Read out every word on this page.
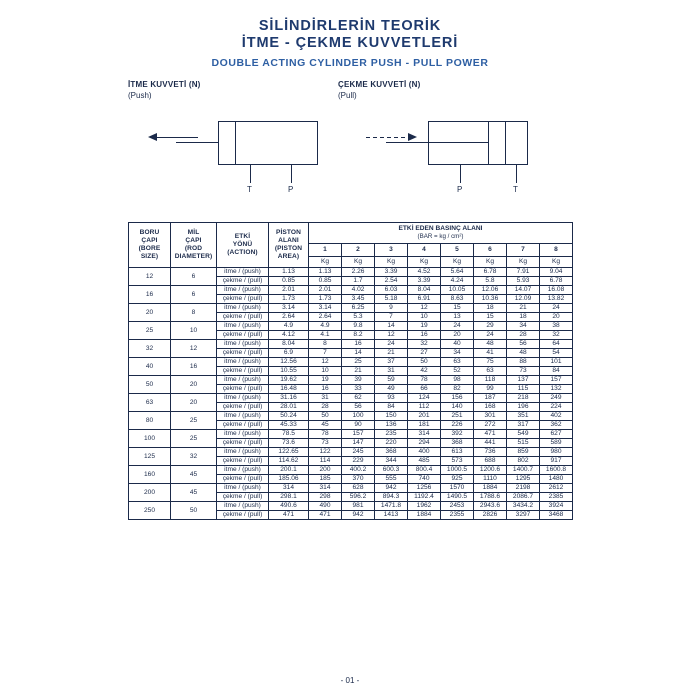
SİLİNDİRLERİN TEORİK
İTME - ÇEKME KUVVETLERİ
DOUBLE ACTING CYLINDER PUSH - PULL POWER
İTME KUVVETİ (N)
(Push)
T	P
ÇEKME KUVVETİ (N)
(Pull)
P	T
BORU
ÇAPI
(BORE
SIZE)

MİL
ÇAPI
(ROD
DIAMETER)

ETKİ
YÖNÜ
(ACTION)

PİSTON
ALANI
(PISTON
AREA)

ETKİ EDEN BASINÇ ALANI
(BAR = kg / cm²)

				1	2	3	4	5	6	7	8
				Kg	Kg	Kg	Kg	Kg	Kg	Kg	Kg
12	6	itme / (push)	1.13	1.13	2.26	3.39	4.52	5.64	6.78	7.91	9.04
		çekme / (pull)	0.85	0.85	1.7	2.54	3.39	4.24	5.8	5.93	6.78
16	6	itme / (push)	2.01	2.01	4.02	6.03	8.04	10.05	12.06	14.07	16.08
		çekme / (pull)	1.73	1.73	3.45	5.18	6.91	8.63	10.36	12.09	13.82
20	8	itme / (push)	3.14	3.14	6.25	9	12	15	18	21	24
		çekme / (pull)	2.64	2.64	5.3	7	10	13	15	18	20
25	10	itme / (push)	4.9	4.9	9.8	14	19	24	29	34	38
		çekme / (pull)	4.12	4.1	8.2	12	16	20	24	28	32
32	12	itme / (push)	8.04	8	16	24	32	40	48	56	64
		çekme / (pull)	6.9	7	14	21	27	34	41	48	54
40	16	itme / (push)	12.56	12	25	37	50	63	75	88	101
		çekme / (pull)	10.55	10	21	31	42	52	63	73	84
50	20	itme / (push)	19.62	19	39	59	78	98	118	137	157
		çekme / (pull)	16.48	16	33	49	66	82	99	115	132
63	20	itme / (push)	31.16	31	62	93	124	156	187	218	249
		çekme / (pull)	28.01	28	56	84	112	140	168	196	224
80	25	itme / (push)	50.24	50	100	150	201	251	301	351	402
		çekme / (pull)	45.33	45	90	136	181	226	272	317	362
100	25	itme / (push)	78.5	78	157	235	314	392	471	549	627
		çekme / (pull)	73.6	73	147	220	294	368	441	515	589
125	32	itme / (push)	122.65	122	245	368	400	613	736	859	980
		çekme / (pull)	114.62	114	229	344	485	573	688	802	917
160	45	itme / (push)	200.1	200	400.2	600.3	800.4	1000.5	1200.6	1400.7	1600.8
		çekme / (pull)	185.06	185	370	555	740	925	1110	1295	1480
200	45	itme / (push)	314	314	628	942	1256	1570	1884	2198	2612
		çekme / (pull)	298.1	298	596.2	894.3	1192.4	1490.5	1788.6	2086.7	2385
250	50	itme / (push)	490.6	490	981	1471.8	1962	2453	2943.6	3434.2	3924
		çekme / (pull)	471	471	942	1413	1884	2355	2826	3297	3468
- 01 -
